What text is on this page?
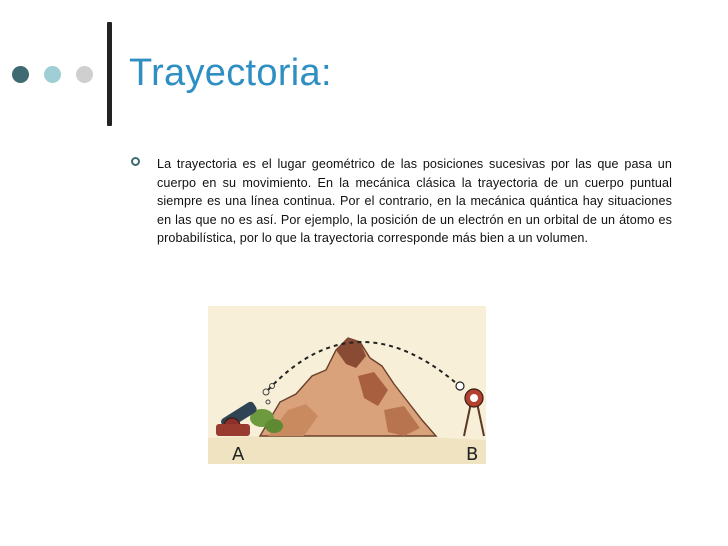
Trayectoria:

La trayectoria es el lugar geométrico de las posiciones sucesivas por las que pasa un cuerpo en su movimiento. En la mecánica clásica la trayectoria de un cuerpo puntual siempre es una línea continua. Por el contrario, en la mecánica quántica hay situaciones en las que no es así. Por ejemplo, la posición de un electrón en un orbital de un átomo es probabilística, por lo que la trayectoria corresponde más bien a un volumen.

A	B
